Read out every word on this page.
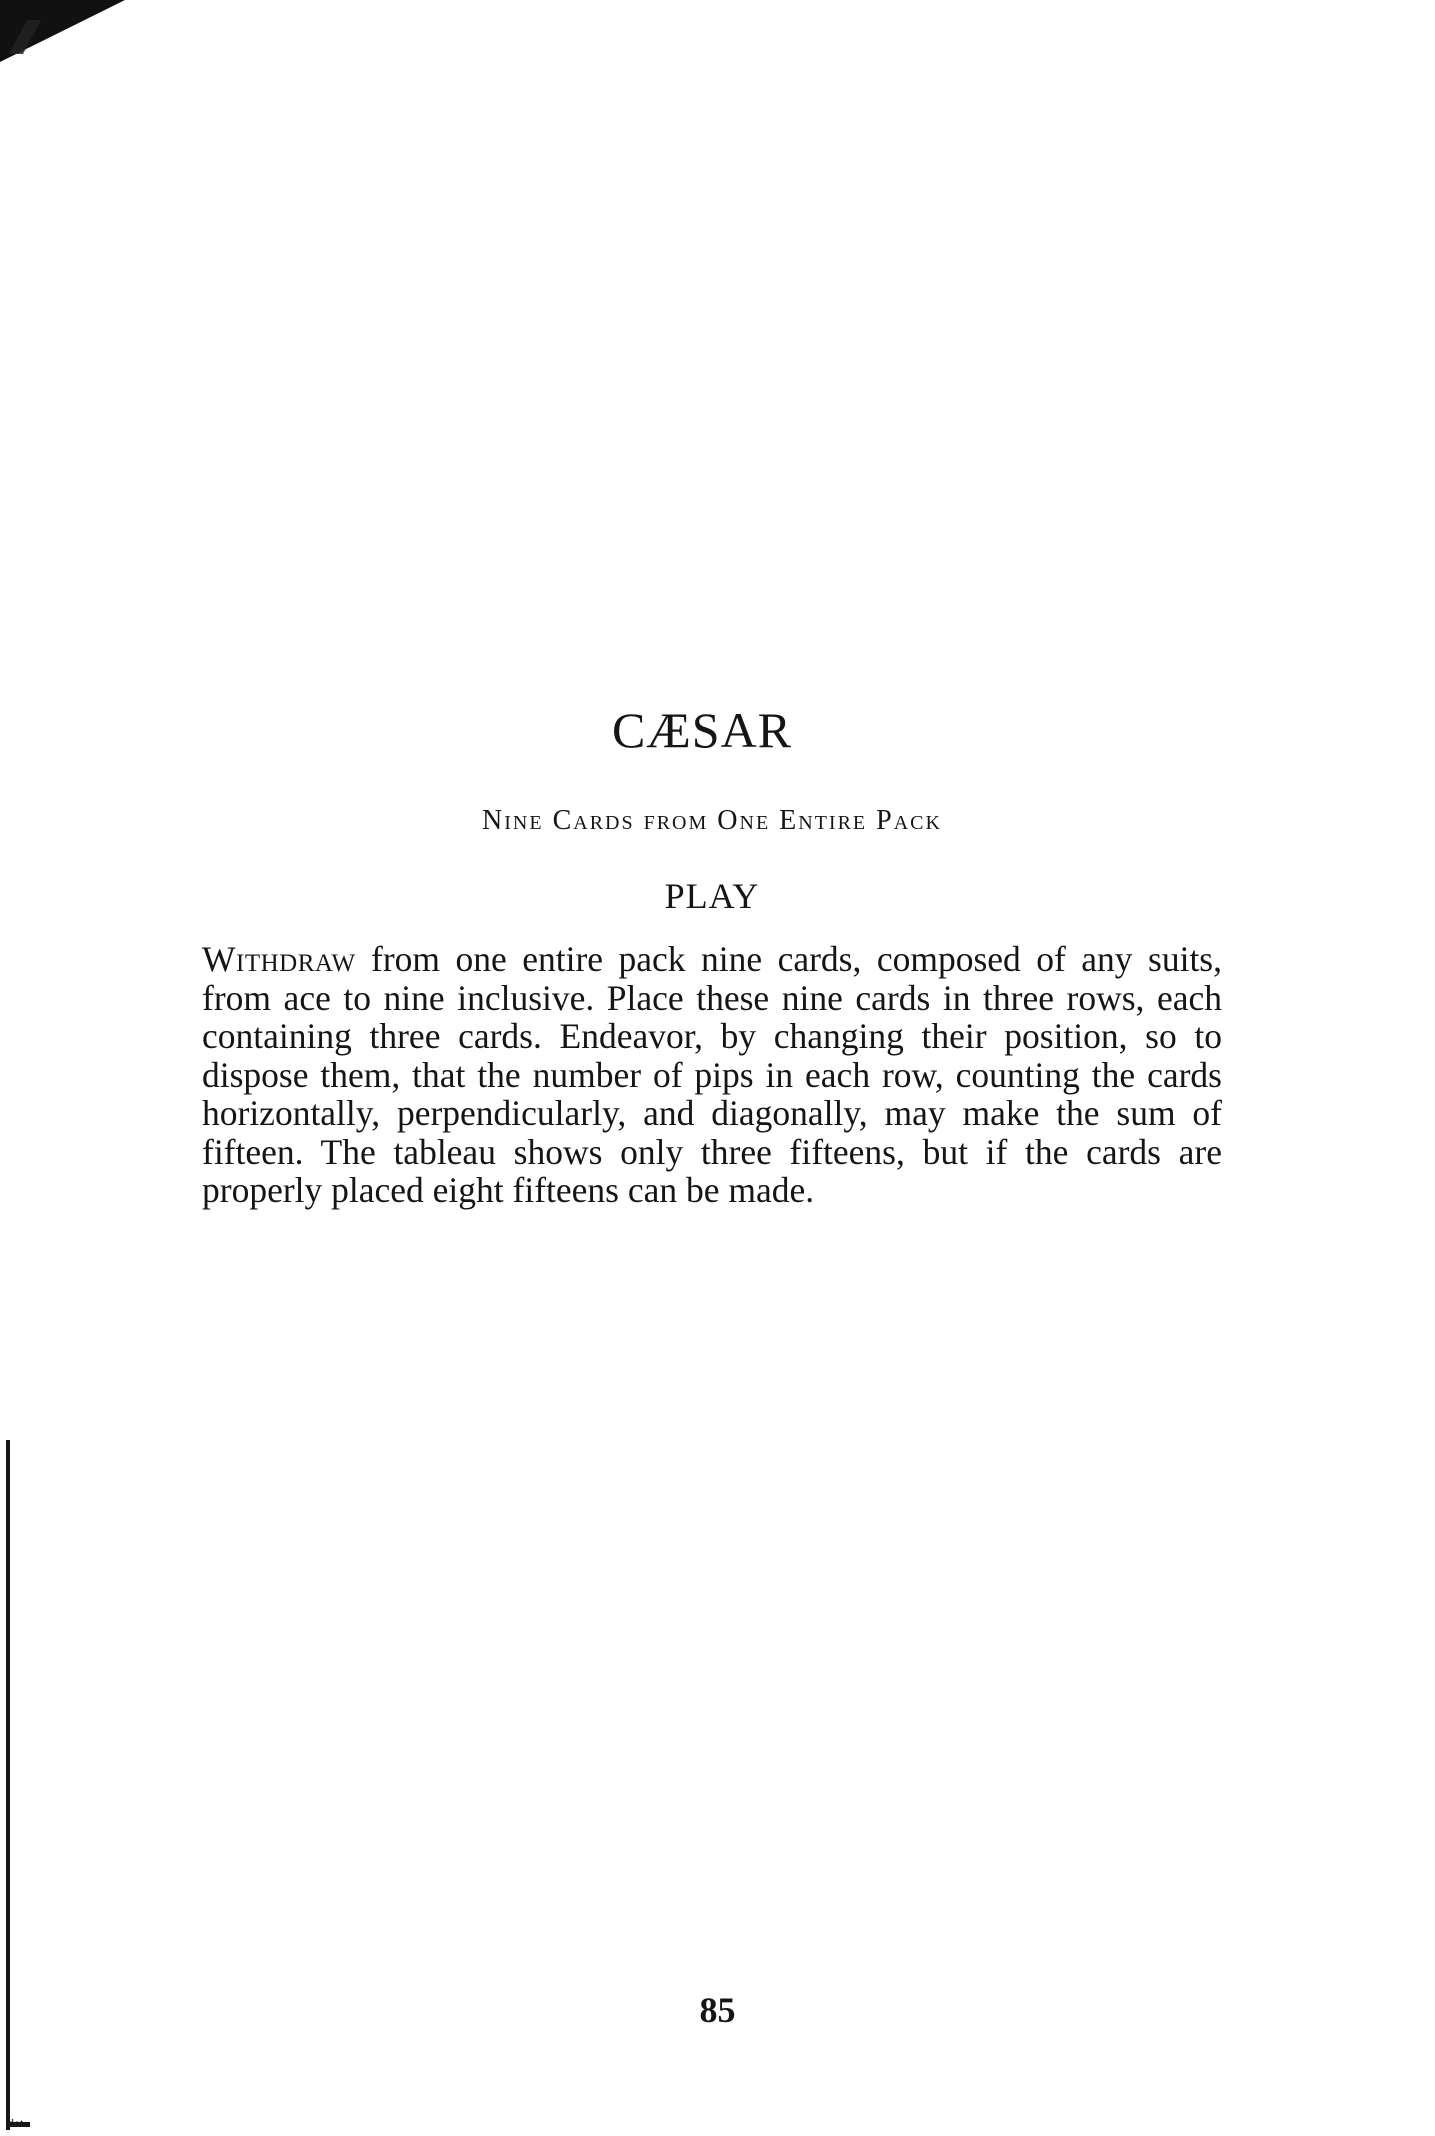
dot.
CÆSAR
Nine Cards from One Entire Pack
PLAY

Withdraw from one entire pack nine cards, composed of any suits, from ace to nine inclusive. Place these nine cards in three rows, each containing three cards. Endeavor, by changing their position, so to dispose them, that the number of pips in each row, counting the cards horizontally, perpendicularly, and diagonally, may make the sum of fifteen. The tableau shows only three fifteens, but if the cards are properly placed eight fifteens can be made.

85
